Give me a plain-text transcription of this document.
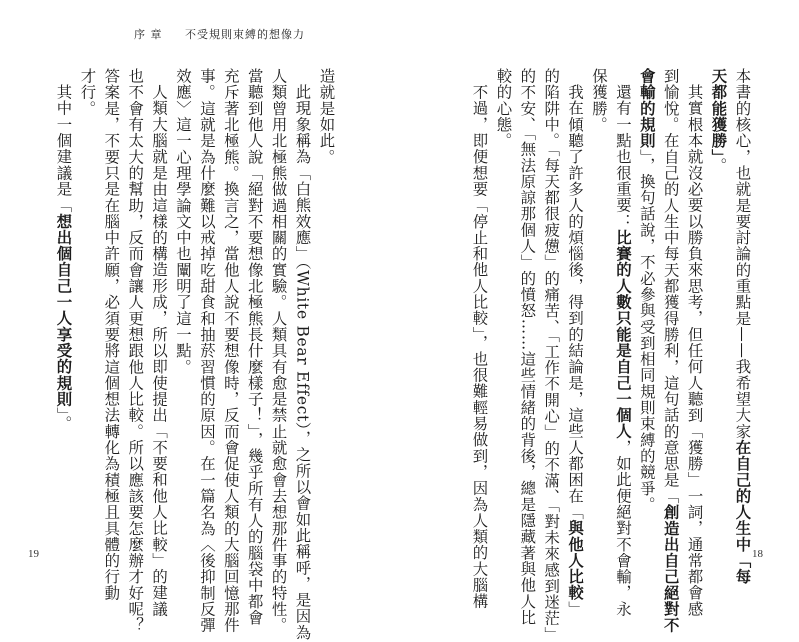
序 章 不受規則束縛的想像力
本書的核心，也就是要討論的重點是——我希望大家在自己的人生中「每
天都能獲勝」。
其實根本就沒必要以勝負來思考，但任何人聽到「獲勝」一詞，通常都會感
到愉悅。在自己的人生中每天都獲得勝利，這句話的意思是「創造出自己絕對不
會輸的規則」，換句話說，不必參與受到相同規則束縛的競爭。
還有一點也很重要：比賽的人數只能是自己一個人，如此便絕對不會輸，永
保獲勝。
我在傾聽了許多人的煩惱後，得到的結論是，這些人都困在「與他人比較」
的陷阱中。「每天都很疲憊」的痛苦、「工作不開心」的不滿、「對未來感到迷茫」
的不安、「無法原諒那個人」的憤怒……這些情緒的背後，總是隱藏著與他人比
較的心態。
不過，即便想要「停止和他人比較」，也很難輕易做到，因為人類的大腦構
造就是如此。
此現象稱為「白熊效應」（White Bear Effect），之所以會如此稱呼，是因為
人類曾用北極熊做過相關的實驗。人類具有愈是禁止就愈會去想那件事的特性。
當聽到他人說「絕對不要想像北極熊長什麼樣子！」，幾乎所有人的腦袋中都會
充斥著北極熊。換言之，當他人說不要想像時，反而會促使人類的大腦回憶那件
事。這就是為什麼難以戒掉吃甜食和抽菸習慣的原因。在一篇名為〈後抑制反彈
效應〉這一心理學論文中也闡明了這一點。
人類大腦就是由這樣的構造形成，所以即使提出「不要和他人比較」的建議
也不會有太大的幫助，反而會讓人更想跟他人比較。所以應該要怎麼辦才好呢？
答案是，不要只是在腦中許願，必須要將這個想法轉化為積極且具體的行動
才行。
其中一個建議是「想出個自己一人享受的規則」。
19	18
